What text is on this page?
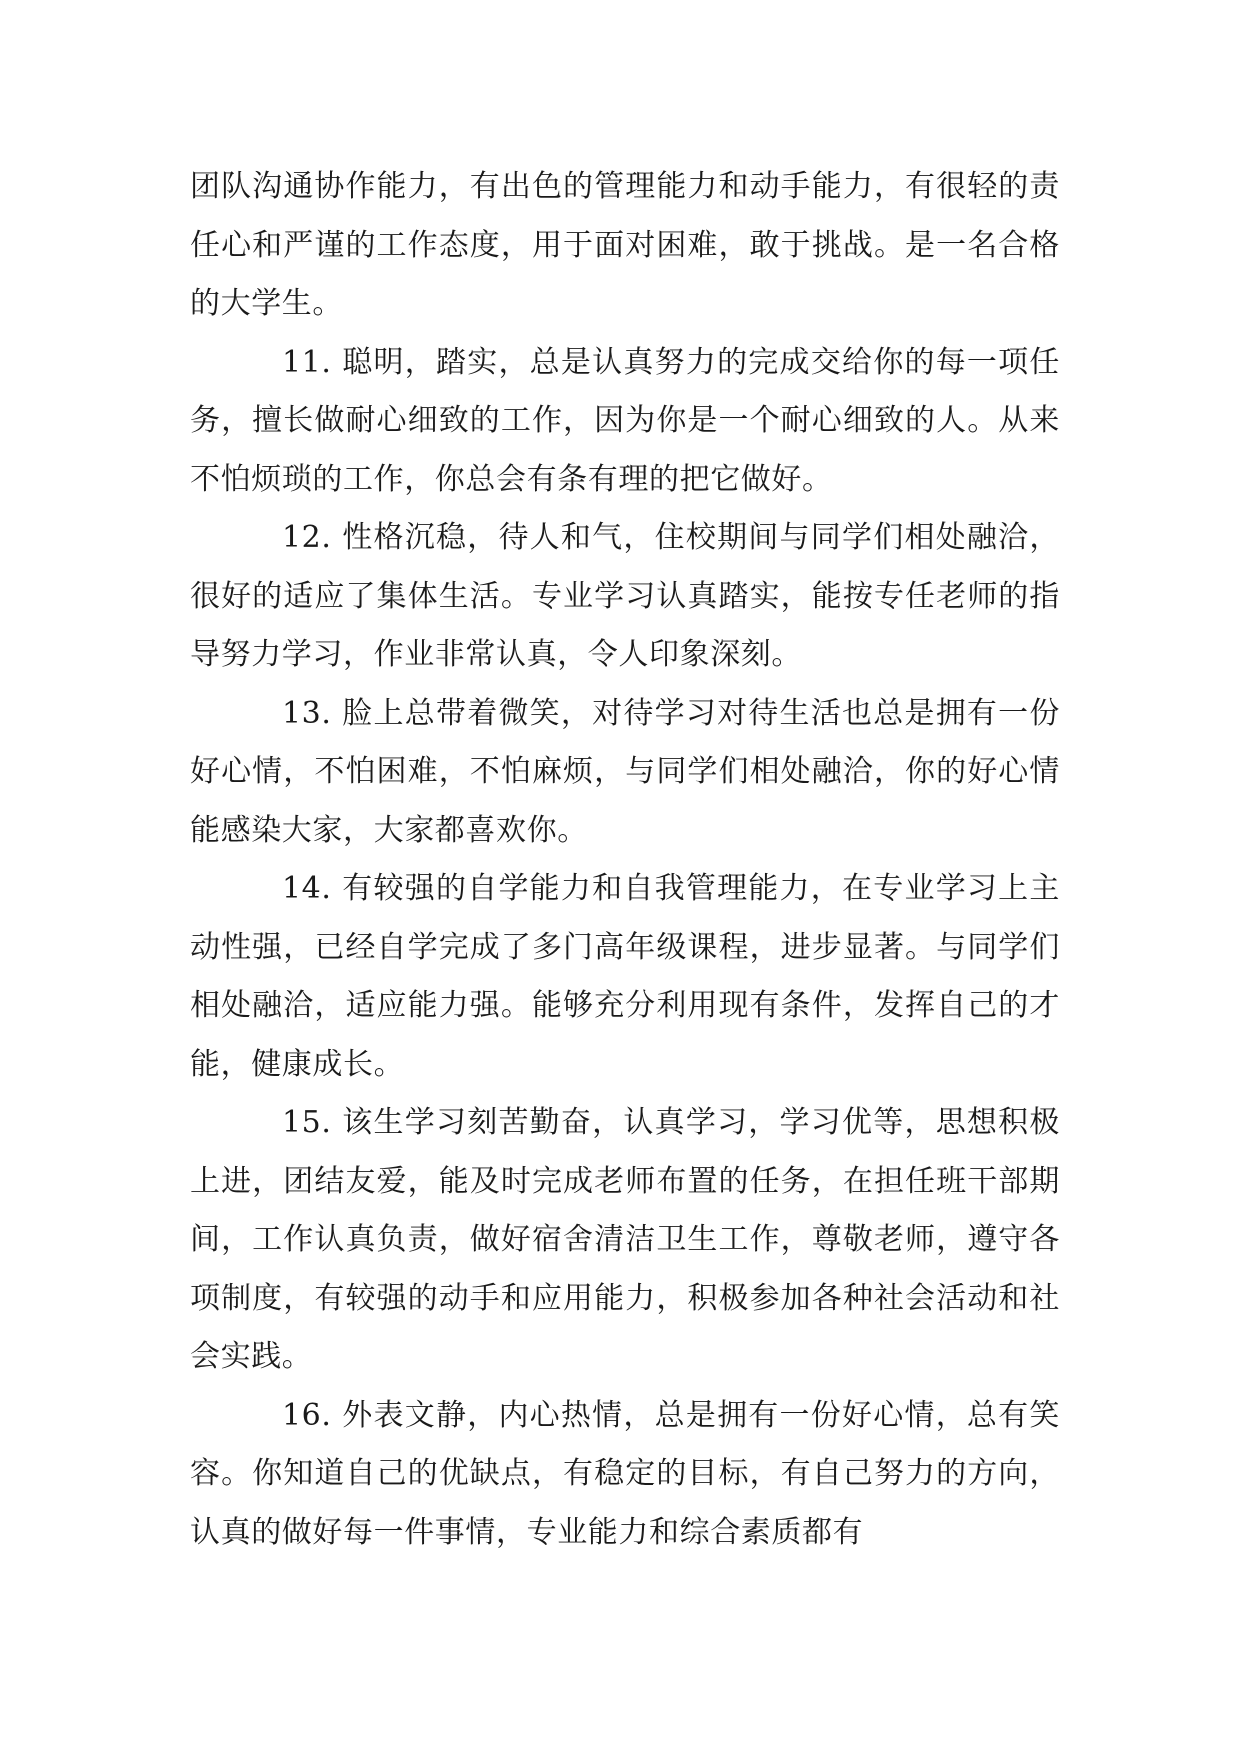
团队沟通协作能力，有出色的管理能力和动手能力，有很轻的责任心和严谨的工作态度，用于面对困难，敢于挑战。是一名合格的大学生。

11. 聪明，踏实，总是认真努力的完成交给你的每一项任务，擅长做耐心细致的工作，因为你是一个耐心细致的人。从来不怕烦琐的工作，你总会有条有理的把它做好。

12. 性格沉稳，待人和气，住校期间与同学们相处融洽，很好的适应了集体生活。专业学习认真踏实，能按专任老师的指导努力学习，作业非常认真，令人印象深刻。

13. 脸上总带着微笑，对待学习对待生活也总是拥有一份好心情，不怕困难，不怕麻烦，与同学们相处融洽，你的好心情能感染大家，大家都喜欢你。

14. 有较强的自学能力和自我管理能力，在专业学习上主动性强，已经自学完成了多门高年级课程，进步显著。与同学们相处融洽，适应能力强。能够充分利用现有条件，发挥自己的才能，健康成长。

15. 该生学习刻苦勤奋，认真学习，学习优等，思想积极上进，团结友爱，能及时完成老师布置的任务，在担任班干部期间，工作认真负责，做好宿舍清洁卫生工作，尊敬老师，遵守各项制度，有较强的动手和应用能力，积极参加各种社会活动和社会实践。

16. 外表文静，内心热情，总是拥有一份好心情，总有笑容。你知道自己的优缺点，有稳定的目标，有自己努力的方向，认真的做好每一件事情，专业能力和综合素质都有
